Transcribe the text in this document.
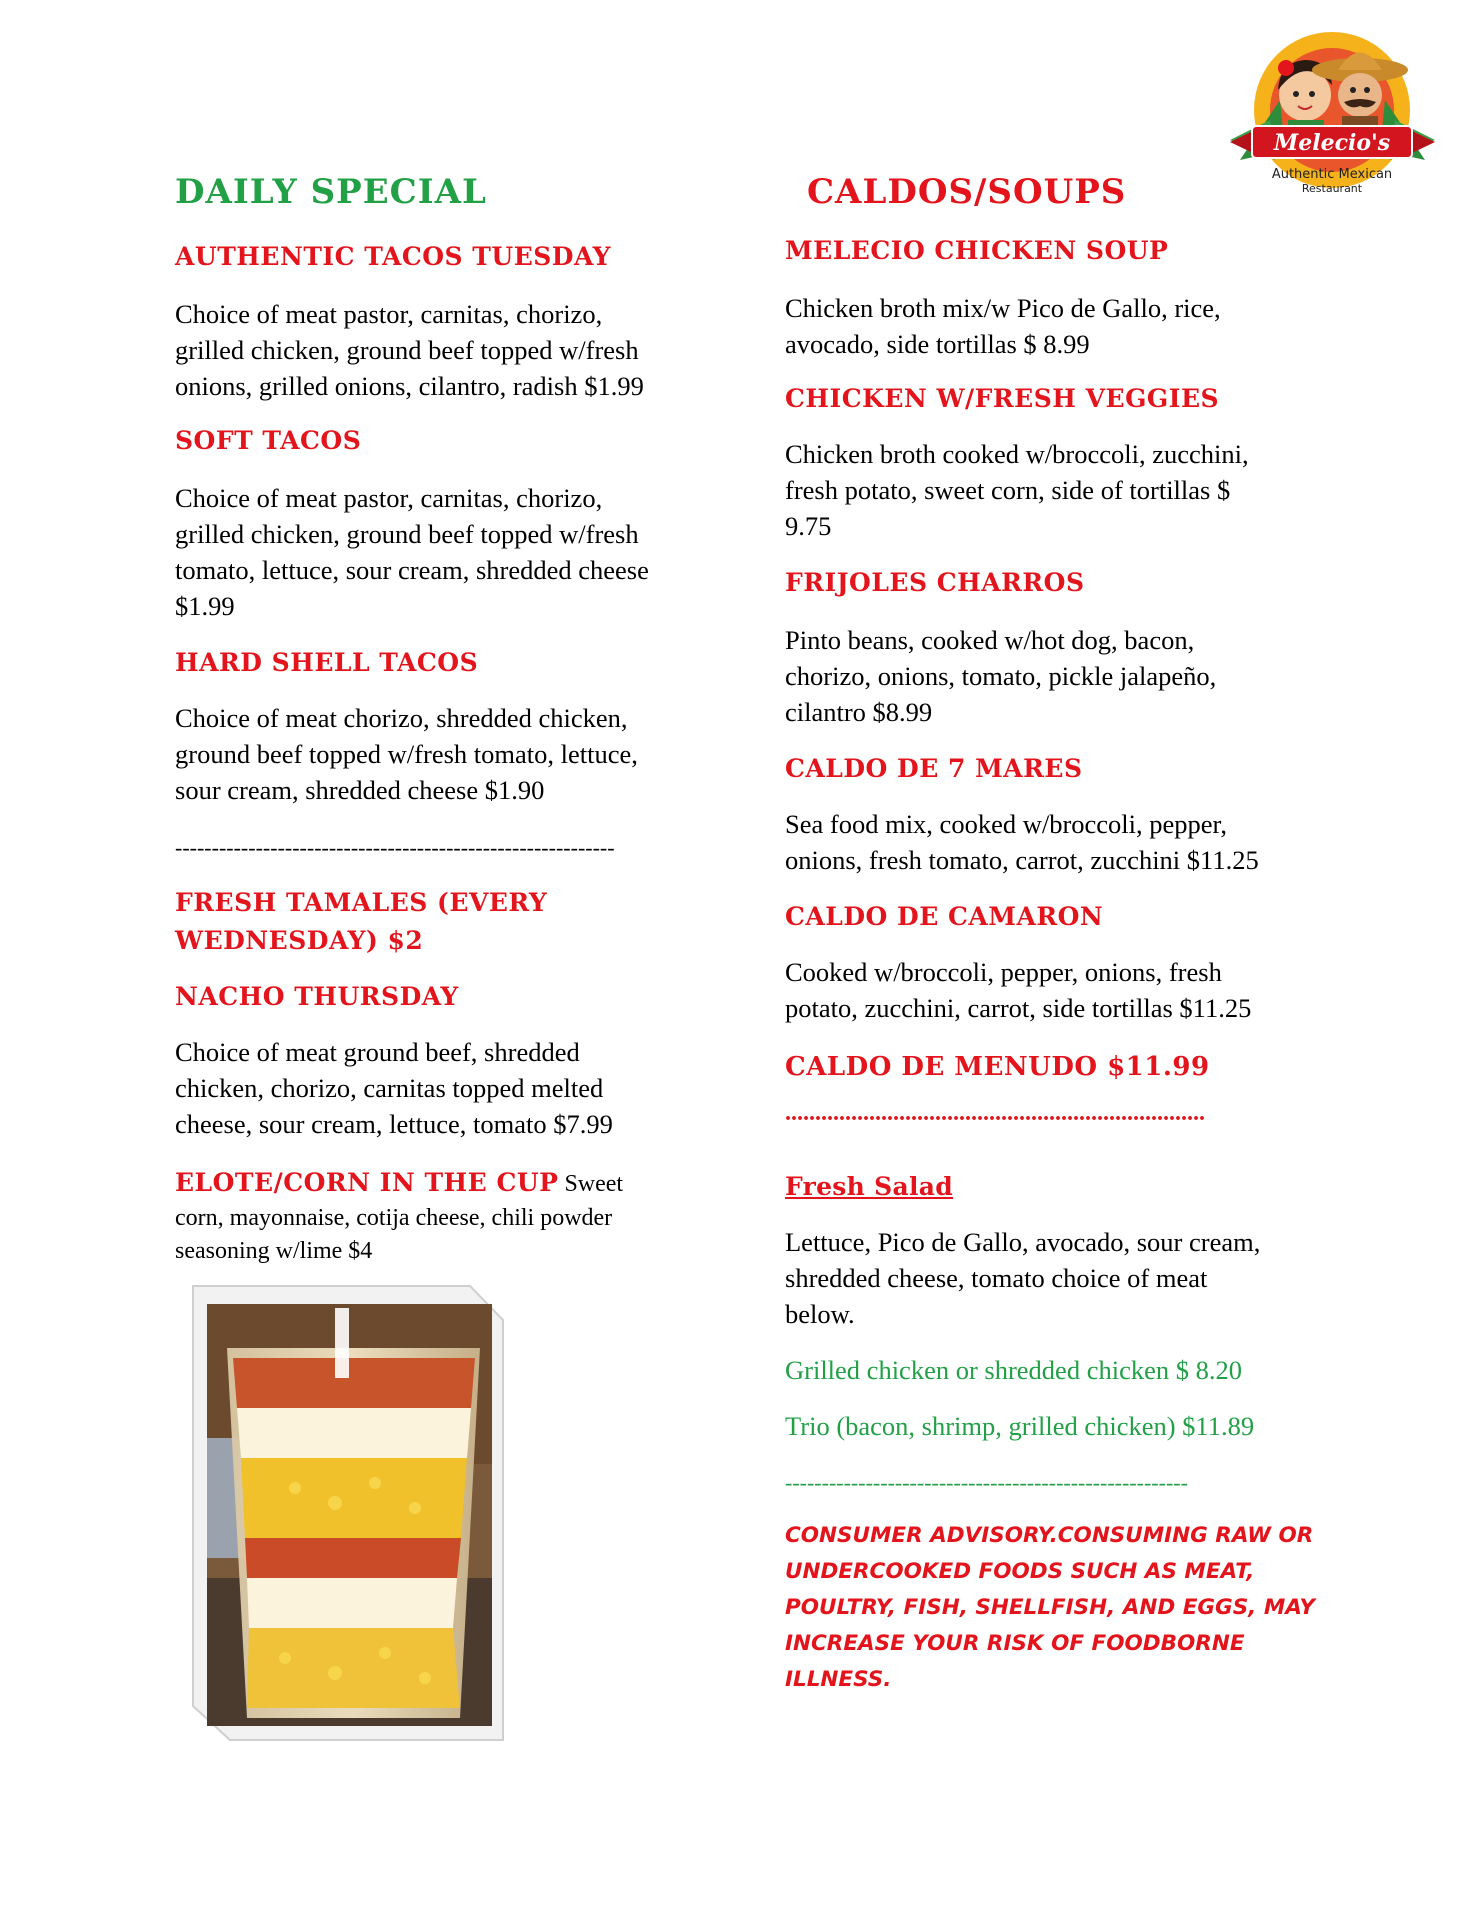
Melecio's
Authentic Mexican
Restaurant
DAILY SPECIAL
AUTHENTIC TACOS TUESDAY

Choice of meat pastor, carnitas, chorizo,

grilled chicken, ground beef topped w/fresh

onions, grilled onions, cilantro, radish $1.99

SOFT TACOS

Choice of meat pastor, carnitas, chorizo,

grilled chicken, ground beef topped w/fresh

tomato, lettuce, sour cream, shredded cheese

$1.99

HARD SHELL TACOS

Choice of meat chorizo, shredded chicken,

ground beef topped w/fresh tomato, lettuce,

sour cream, shredded cheese $1.90

------------------------------------------------------------
FRESH TAMALES (EVERY
WEDNESDAY) $2
NACHO THURSDAY

Choice of meat ground beef, shredded

chicken, chorizo, carnitas topped melted

cheese, sour cream, lettuce, tomato $7.99

ELOTE/CORN IN THE CUP Sweet

corn, mayonnaise, cotija cheese, chili powder

seasoning w/lime $4

CALDOS/SOUPS
MELECIO CHICKEN SOUP

Chicken broth mix/w Pico de Gallo, rice,

avocado, side tortillas $ 8.99

CHICKEN W/FRESH VEGGIES

Chicken broth cooked w/broccoli, zucchini,

fresh potato, sweet corn, side of tortillas $

9.75

FRIJOLES CHARROS

Pinto beans, cooked w/hot dog, bacon,

chorizo, onions, tomato, pickle jalapeño,

cilantro $8.99

CALDO DE 7 MARES

Sea food mix, cooked w/broccoli, pepper,

onions, fresh tomato, carrot, zucchini $11.25

CALDO DE CAMARON

Cooked w/broccoli, pepper, onions, fresh

potato, zucchini, carrot, side tortillas $11.25

CALDO DE MENUDO $11.99
......................................................................
Fresh Salad

Lettuce, Pico de Gallo, avocado, sour cream,

shredded cheese, tomato choice of meat

below.

Grilled chicken or shredded chicken $ 8.20

Trio (bacon, shrimp, grilled chicken) $11.89

-------------------------------------------------------

CONSUMER ADVISORY.CONSUMING RAW OR

UNDERCOOKED FOODS SUCH AS MEAT,

POULTRY, FISH, SHELLFISH, AND EGGS, MAY

INCREASE YOUR RISK OF FOODBORNE

ILLNESS.
